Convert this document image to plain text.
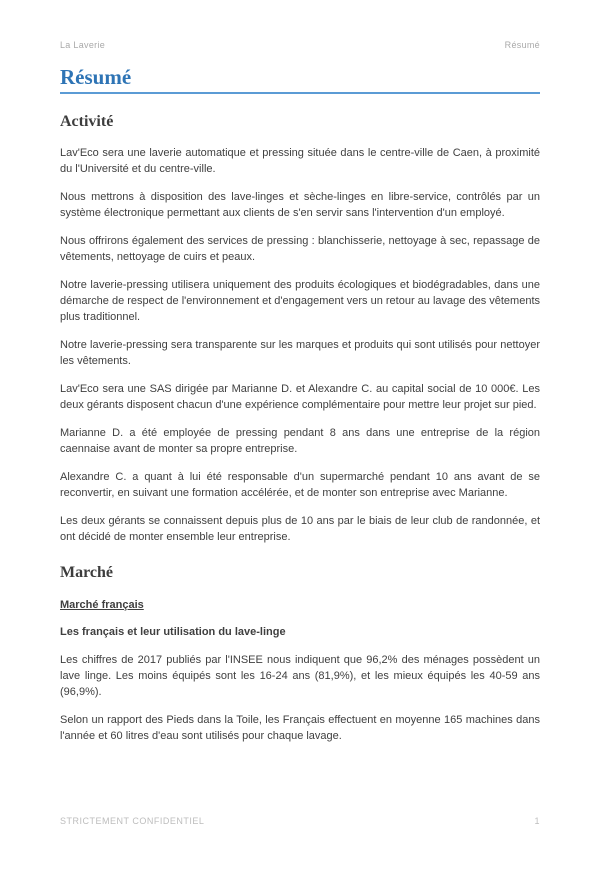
La Laverie	Résumé
Résumé
Activité

Lav'Eco sera une laverie automatique et pressing située dans le centre-ville de Caen, à proximité du l'Université et du centre-ville.

Nous mettrons à disposition des lave-linges et sèche-linges en libre-service, contrôlés par un système électronique permettant aux clients de s'en servir sans l'intervention d'un employé.

Nous offrirons également des services de pressing : blanchisserie, nettoyage à sec, repassage de vêtements, nettoyage de cuirs et peaux.

Notre laverie-pressing utilisera uniquement des produits écologiques et biodégradables, dans une démarche de respect de l'environnement et d'engagement vers un retour au lavage des vêtements plus traditionnel.

Notre laverie-pressing sera transparente sur les marques et produits qui sont utilisés pour nettoyer les vêtements.

Lav'Eco sera une SAS dirigée par Marianne D. et Alexandre C. au capital social de 10 000€. Les deux gérants disposent chacun d'une expérience complémentaire pour mettre leur projet sur pied.

Marianne D. a été employée de pressing pendant 8 ans dans une entreprise de la région caennaise avant de monter sa propre entreprise.

Alexandre C. a quant à lui été responsable d'un supermarché pendant 10 ans avant de se reconvertir, en suivant une formation accélérée, et de monter son entreprise avec Marianne.

Les deux gérants se connaissent depuis plus de 10 ans par le biais de leur club de randonnée, et ont décidé de monter ensemble leur entreprise.

Marché
Marché français
Les français et leur utilisation du lave-linge

Les chiffres de 2017 publiés par l'INSEE nous indiquent que 96,2% des ménages possèdent un lave linge. Les moins équipés sont les 16-24 ans (81,9%), et les mieux équipés les 40-59 ans (96,9%).

Selon un rapport des Pieds dans la Toile, les Français effectuent en moyenne 165 machines dans l'année et 60 litres d'eau sont utilisés pour chaque lavage.

STRICTEMENT CONFIDENTIEL	1
